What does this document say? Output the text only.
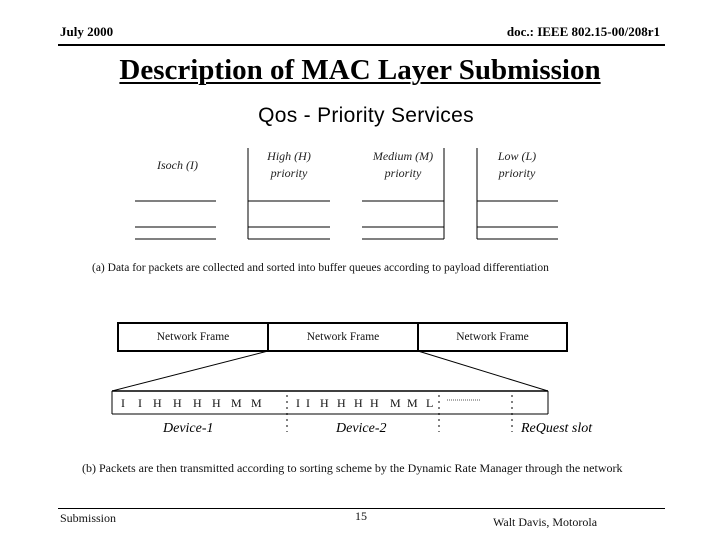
July 2000	doc.: IEEE 802.15-00/208r1
Description of MAC Layer Submission
Qos - Priority Services
Isoch (I)
High (H)
priority
Medium (M)
priority
Low (L)
priority
(a) Data for packets are collected and sorted into buffer queues according to payload differentiation
Network Frame	Network Frame	Network Frame
I I H H H H M M	I I H H H H M M L
Device-1	Device-2	ReQuest slot
(b) Packets are then transmitted according to sorting scheme by the Dynamic Rate Manager through the network
Submission	15	Walt Davis, Motorola
